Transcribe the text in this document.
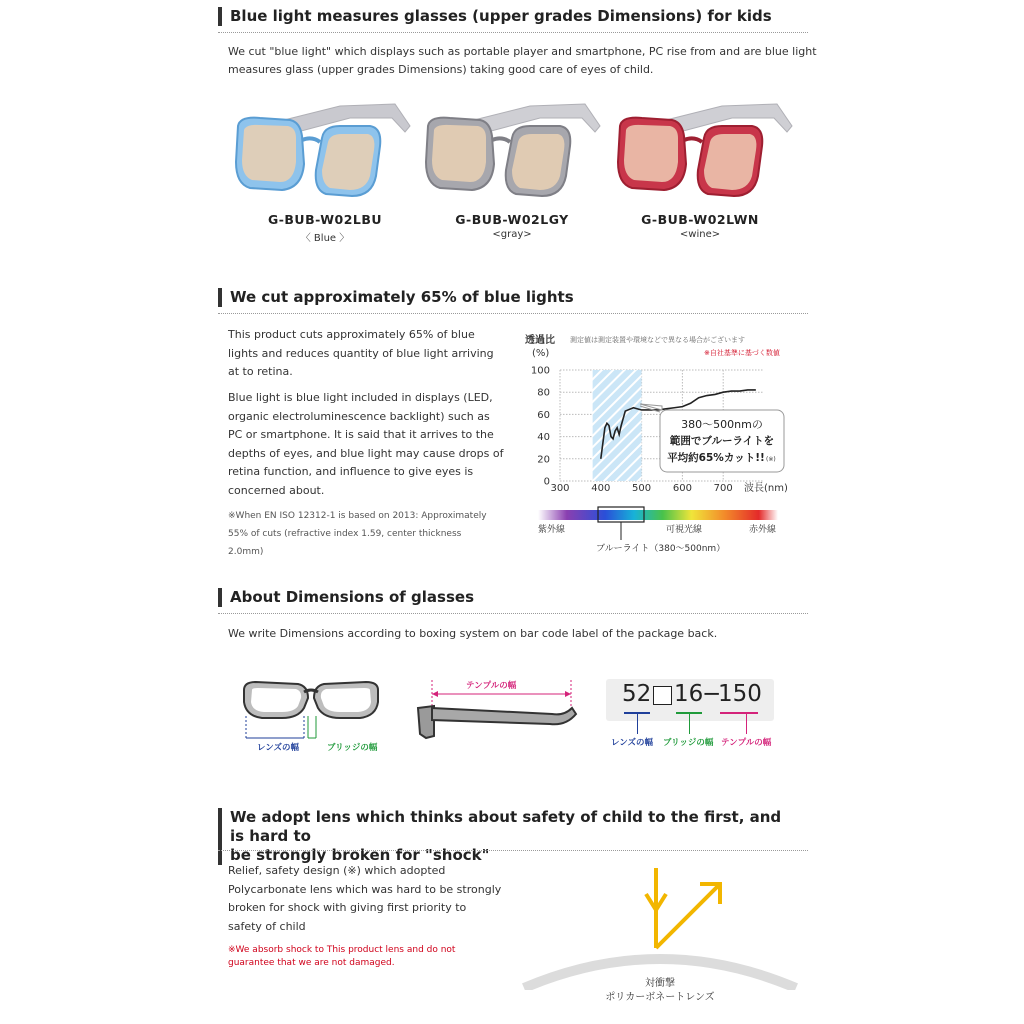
Blue light measures glasses (upper grades Dimensions) for kids
We cut "blue light" which displays such as portable player and smartphone, PC rise from and are blue light
measures glass (upper grades Dimensions) taking good care of eyes of child.
G-BUB-W02LBU
〈 Blue 〉
G-BUB-W02LGY
<gray>
G-BUB-W02LWN
<wine>
We cut approximately 65% of blue lights
This product cuts approximately 65% of blue
lights and reduces quantity of blue light arriving
at to retina.
Blue light is blue light included in displays (LED,
organic electroluminescence backlight) such as
PC or smartphone. It is said that it arrives to the
depths of eyes, and blue light may cause drops of
retina function, and influence to give eyes is
concerned about.
※When EN ISO 12312-1 is based on 2013: Approximately
55% of cuts (refractive index 1.59, center thickness
2.0mm)
透過比
(%)
測定値は測定装置や環境などで異なる場合がございます
※自社基準に基づく数値
0
20
40
60
80
100
300 400 500 600 700 波長(nm)
380～500nmの
範囲でブルーライトを
平均約65%カット!! (※)
紫外線	可視光線	赤外線
ブルーライト（380～500nm）
About Dimensions of glasses
We write Dimensions according to boxing system on bar code label of the package back.
レンズの幅	ブリッジの幅
テンプルの幅	52 16
−
150
レンズの幅 ブリッジの幅 テンプルの幅
We adopt lens which thinks about safety of child to the first, and is hard to
be strongly broken for "shock"
Relief, safety design (※) which adopted
Polycarbonate lens which was hard to be strongly
broken for shock with giving first priority to
safety of child
※We absorb shock to This product lens and do not
guarantee that we are not damaged.
対衝撃
ポリカーボネートレンズ
